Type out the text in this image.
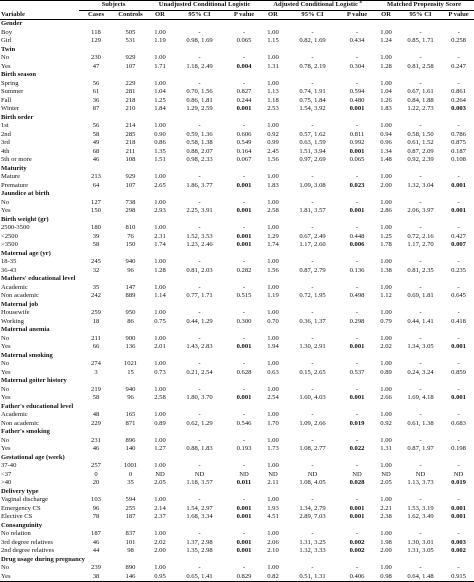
Variable	Subjects		Unadjusted Conditional Logistic			Adjusted Conditional Logistic $^a$			Matched Propensity Score		
	Cases	Controls	OR	95% CI	P value	OR	95% CI	P value	OR	95% CI	P value
Gender											
Boy	118	505	1.00	-	-	1.00	-	-	1.00	-	-
Girl	129	531	1.19	0.98, 1.69	0.065	1.15	0.82, 1.69	0.434	1.24	0.85, 1.71	0.258
Twin											
No	230	929	1.00	-	-	1.00	-	-	1.00	-	-
Yes	47	107	1.71	1.18, 2.49	0.004	1.31	0.78, 2.19	0.304	1.28	0.81, 2.58	0.247
Birth season											
Spring	56	229	1.00	-	-	1.00	-	-	1.00	-	-
Summer	61	281	1.04	0.70, 1.56	0.827	1.13	0.74, 1.91	0.594	1.04	0.67, 1.61	0.861
Fall	36	218	1.25	0.86, 1.81	0.244	1.18	0.75, 1.84	0.480	1.26	0.84, 1.88	0.264
Winter	87	210	1.84	1.29, 2.59	0.001	2.53	1.54, 3.92	0.001	1.83	1.22, 2.73	0.003
Birth order											
1st	56	214	1.00	-	-	1.00	-	-	1.00	-	-
2nd	58	285	0.90	0.59, 1.36	0.606	0.92	0.57, 1.62	0.811	0.94	0.58, 1.50	0.786
3rd	49	218	0.86	0.58, 1.38	0.549	0.99	0.63, 1.59	0.992	0.96	0.61, 1.52	0.875
4th	68	211	1.35	0.88, 2.07	0.164	2.45	1.51, 3.94	0.001	1.34	0.87, 2.09	0.187
5th or more	46	108	1.51	0.98, 2.33	0.067	1.56	0.97, 2.69	0.065	1.48	0.92, 2.39	0.108
Maturity											
Mature	213	929	1.00	-	-	1.00	-	-	1.00	-	-
Premature	64	107	2.65	1.86, 3.77	0.001	1.83	1.09, 3.08	0.023	2.00	1.32, 3.04	0.001
Jaundice at birth											
No	127	738	1.00	-	-	1.00	-	-	1.00	-	-
Yes	150	298	2.93	2.25, 3.91	0.001	2.58	1.81, 3.57	0.001	2.86	2.06, 3.97	0.001
Birth weight (gr)											
2500-3500	180	810	1.00	-	-	1.00	-	-	1.00	-	-
<2500	39	76	2.31	1.52, 3.53	0.001	1.29	0.67, 2.49	0.448	1.25	0.72, 2.16	0.427
>3500	58	150	1.74	1.23, 2.46	0.001	1.74	1.17, 2.60	0.006	1.78	1.17, 2.70	0.007
Maternal age (yr)											
18-35	245	940	1.00	-	-	1.00	-	-	1.00	-	-
36-43	32	96	1.28	0.81, 2.03	0.282	1.56	0.87, 2.79	0.136	1.38	0.81, 2.35	0.235
Mathers' educational level											
Academic	35	147	1.00	-	-	1.00	-	-	1.00	-	-
Non academic	242	889	1.14	0.77, 1.71	0.515	1.19	0.72, 1.95	0.498	1.12	0.69, 1.81	0.645
Maternal job											
Housewife	259	950	1.00	-	-	1.00	-	-	1.00	-	-
Working	18	86	0.75	0.44, 1.29	0.300	0.70	0.36, 1.37	0.298	0.79	0.44, 1.41	0.418
Maternal anemia											
No	211	900	1.00	-	-	1.00	-	-	1.00	-	-
Yes	66	136	2.01	1.43, 2.83	0.001	1.94	1.30, 2.91	0.001	2.02	1.34, 3.05	0.001
Maternal smoking											
No	274	1021	1.00	-	-	1.00	-	-	1.00	-	-
Yes	3	15	0.73	0.21, 2.54	0.628	0.63	0.15, 2.65	0.537	0.89	0.24, 3.24	0.859
Maternal goiter history											
No	219	940	1.00	-	-	1.00	-	-	1.00	-	-
Yes	58	96	2.58	1.80, 3.70	0.001	2.54	1.60, 4.03	0.001	2.66	1.69, 4.18	0.001
Father's educational level											
Academic	48	165	1.00	-	-	1.00	-	-	1.00	-	-
Non academic	229	871	0.89	0.62, 1.29	0.546	1.70	1.09, 2.66	0.019	0.92	0.61, 1.38	0.683
Father's smoking											
No	231	896	1.00	-	-	1.00	-	-	1.00	-	-
Yes	46	140	1.27	0.88, 1.83	0.193	1.73	1.08, 2.77	0.022	1.31	0.87, 1.97	0.198
Gestational age (week)											
37-40	257	1001	1.00	-	-	1.00	-	-	1.00	-	-
<37	0	0	ND	ND	ND	ND	ND	ND	ND	ND	ND
>40	20	35	2.05	1.18, 3.57	0.011	2.11	1.08, 4.05	0.028	2.05	1.13, 3.73	0.019
Delivery type											
Vaginal discharge	103	594	1.00	-	-	1.00	-	-	1.00	-	-
Emergency CS	96	255	2.14	1.54, 2.97	0.001	1.93	1.34, 2.79	0.001	2.21	1.53, 3.19	0.001
Elective CS	78	187	2.37	1.68, 3.34	0.001	4.51	2.89, 7.03	0.001	2.38	1.62, 3.49	0.001
Consanguinity											
No relation	187	837	1.00	-	-	1.00	-	-	1.00	-	-
3rd degree relatives	46	101	2.02	1.37, 2.98	0.001	2.06	1.31, 3.25	0.002	1.98	1.30, 3.01	0.003
2nd degree relatives	44	98	2.00	1.35, 2.98	0.001	2.10	1.32, 3.33	0.002	2.00	1.31, 3.05	0.002
Drug usage during pregnancy											
No	239	890	1.00	-	-	1.00	-	-	1.00	-	-
Yes	38	146	0.95	0.65, 1.41	0.829	0.82	0.51, 1.31	0.406	0.98	0.64, 1.48	0.915
